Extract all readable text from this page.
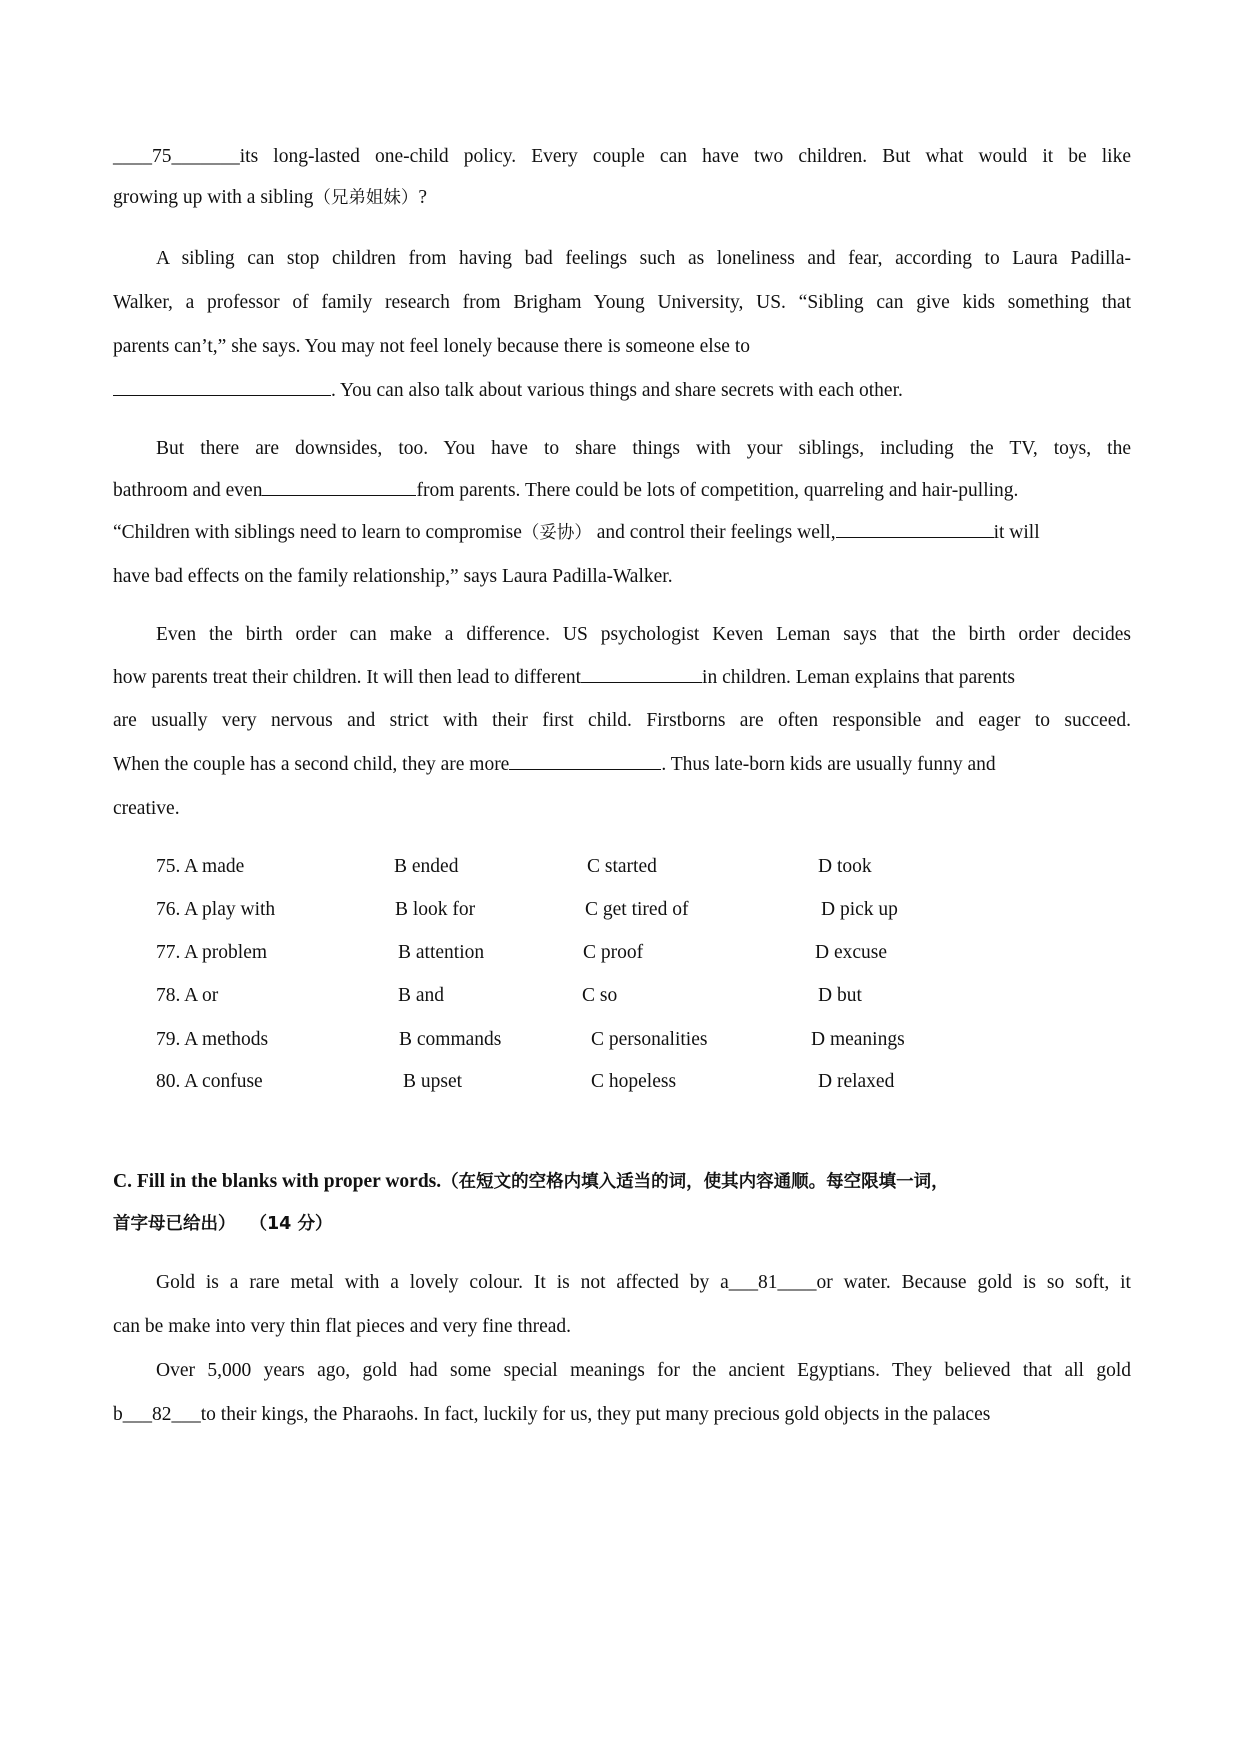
____75_______its long-lasted one-child policy. Every couple can have two children. But what would it be like
growing up with a sibling（兄弟姐妹）?
A sibling can stop children from having bad feelings such as loneliness and fear, according to Laura Padilla-
Walker, a professor of family research from Brigham Young University, US. “Sibling can give kids something that
parents can’t,” she says. You may not feel lonely because there is someone else to
. You can also talk about various things and share secrets with each other.
But there are downsides, too. You have to share things with your siblings, including the TV, toys, the
bathroom and even	from parents. There could be lots of competition, quarreling and hair-pulling.
“Children with siblings need to learn to compromise（妥协） and control their feelings well,	it will
have bad effects on the family relationship,” says Laura Padilla-Walker.
Even the birth order can make a difference. US psychologist Keven Leman says that the birth order decides
how parents treat their children. It will then lead to different	in children. Leman explains that parents
are usually very nervous and strict with their first child. Firstborns are often responsible and eager to succeed.
When the couple has a second child, they are more	. Thus late-born kids are usually funny and
creative.
75. A made	B ended	C started	D took
76. A play with	B look for	C get tired of	D pick up
77. A problem	B attention	C proof	D excuse
78. A or	B and	C so	D but
79. A methods	B commands	C personalities	D meanings
80. A confuse	B upset	C hopeless	D relaxed
C. Fill in the blanks with proper words.（在短文的空格内填入适当的词，使其内容通顺。每空限填一词，
首字母已给出） （14 分）
Gold is a rare metal with a lovely colour. It is not affected by a___81____or water. Because gold is so soft, it
can be make into very thin flat pieces and very fine thread.
Over 5,000 years ago, gold had some special meanings for the ancient Egyptians. They believed that all gold
b___82___to their kings, the Pharaohs. In fact, luckily for us, they put many precious gold objects in the palaces
